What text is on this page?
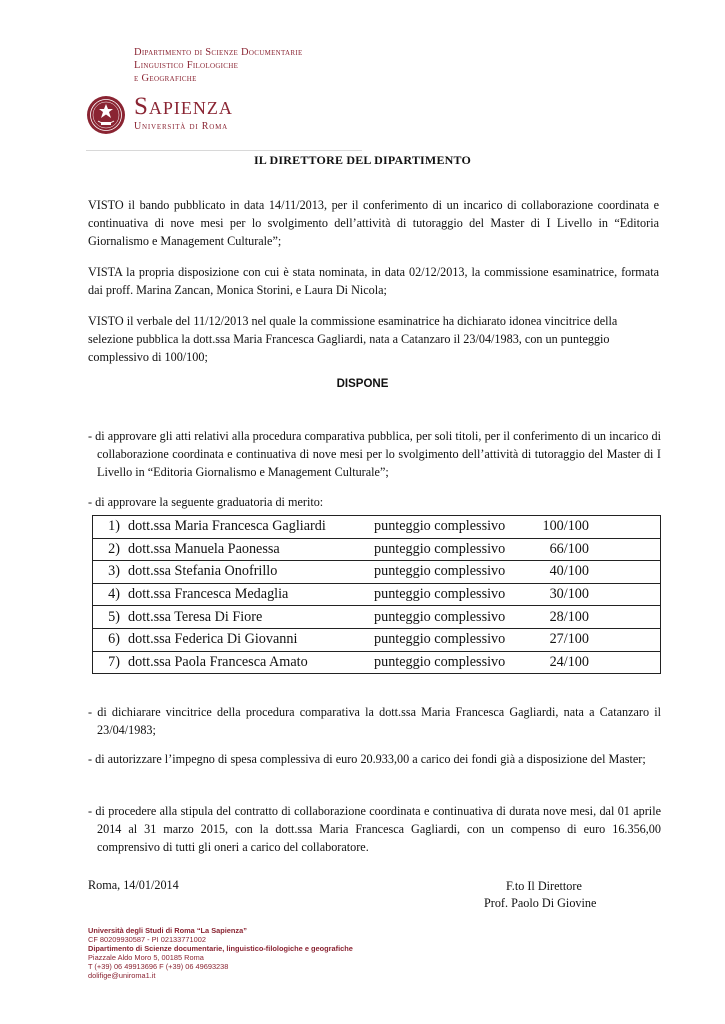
Dipartimento di Scienze Documentarie
Linguistico Filologiche
e Geografiche
Sapienza
Università di Roma
IL DIRETTORE DEL DIPARTIMENTO
VISTO il bando pubblicato in data 14/11/2013, per il conferimento di un incarico di collaborazione coordinata e continuativa di nove mesi per lo svolgimento dell’attività di tutoraggio del Master di I Livello in “Editoria Giornalismo e Management Culturale”;
VISTA la propria disposizione con cui è stata nominata, in data 02/12/2013, la commissione esaminatrice, formata dai proff. Marina Zancan, Monica Storini, e Laura Di Nicola;
VISTO il verbale del 11/12/2013 nel quale la commissione esaminatrice ha dichiarato idonea vincitrice della selezione pubblica la dott.ssa Maria Francesca Gagliardi, nata a Catanzaro il 23/04/1983, con un punteggio complessivo di 100/100;
DISPONE
- di approvare gli atti relativi alla procedura comparativa pubblica, per soli titoli, per il conferimento di un incarico di collaborazione coordinata e continuativa di nove mesi per lo svolgimento dell’attività di tutoraggio del Master di I Livello in “Editoria Giornalismo e Management Culturale”;
- di approvare la seguente graduatoria di merito:
1) dott.ssa Maria Francesca Gagliardi	punteggio complessivo	100/100
2) dott.ssa Manuela Paonessa	punteggio complessivo	66/100
3) dott.ssa Stefania Onofrillo	punteggio complessivo	40/100
4) dott.ssa Francesca Medaglia	punteggio complessivo	30/100
5) dott.ssa Teresa Di Fiore	punteggio complessivo	28/100
6) dott.ssa Federica Di Giovanni	punteggio complessivo	27/100
7) dott.ssa Paola Francesca Amato	punteggio complessivo	24/100
- di dichiarare vincitrice della procedura comparativa la dott.ssa Maria Francesca Gagliardi, nata a Catanzaro il 23/04/1983;
- di autorizzare l’impegno di spesa complessiva di euro 20.933,00 a carico dei fondi già a disposizione del Master;
- di procedere alla stipula del contratto di collaborazione coordinata e continuativa di durata nove mesi, dal 01 aprile 2014 al 31 marzo 2015, con la dott.ssa Maria Francesca Gagliardi, con un compenso di euro 16.356,00 comprensivo di tutti gli oneri a carico del collaboratore.
Roma, 14/01/2014	F.to Il Direttore
Prof. Paolo Di Giovine
Università degli Studi di Roma “La Sapienza”
CF 80209930587 - PI 02133771002
Dipartimento di Scienze documentarie, linguistico-filologiche e geografiche
Piazzale Aldo Moro 5, 00185 Roma
T (+39) 06 49913696 F (+39) 06 49693238
dolifige@uniroma1.it
